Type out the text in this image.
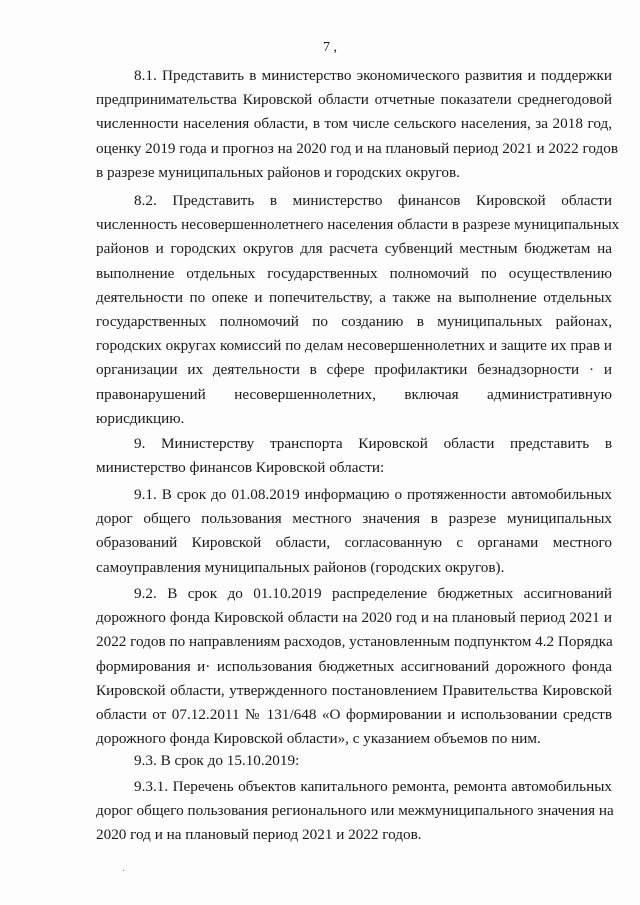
7 ,
8.1. Представить в министерство экономического развития и поддержки
предпринимательства Кировской области отчетные показатели среднегодовой
численности населения области, в том числе сельского населения, за 2018 год,
оценку 2019 года и прогноз на 2020 год и на плановый период 2021 и 2022 годов
в разрезе муниципальных районов и городских округов.
8.2. Представить в министерство финансов Кировской области
численность несовершеннолетнего населения области в разрезе муниципальных
районов и городских округов для расчета субвенций местным бюджетам на
выполнение отдельных государственных полномочий по осуществлению
деятельности по опеке и попечительству, а также на выполнение отдельных
государственных полномочий по созданию в муниципальных районах,
городских округах комиссий по делам несовершеннолетних и защите их прав и
организации их деятельности в сфере профилактики безнадзорности · и
правонарушений несовершеннолетних, включая административную
юрисдикцию.
9. Министерству транспорта Кировской области представить в
министерство финансов Кировской области:
9.1. В срок до 01.08.2019 информацию о протяженности автомобильных
дорог общего пользования местного значения в разрезе муниципальных
образований Кировской области, согласованную с органами местного
самоуправления муниципальных районов (городских округов).
9.2. В срок до 01.10.2019 распределение бюджетных ассигнований
дорожного фонда Кировской области на 2020 год и на плановый период 2021 и
2022 годов по направлениям расходов, установленным подпунктом 4.2 Порядка
формирования и· использования бюджетных ассигнований дорожного фонда
Кировской области, утвержденного постановлением Правительства Кировской
области от 07.12.2011 № 131/648 «О формировании и использовании средств
дорожного фонда Кировской области», с указанием объемов по ним.
9.3. В срок до 15.10.2019:
9.3.1. Перечень объектов капитального ремонта, ремонта автомобильных
дорог общего пользования регионального или межмуниципального значения на
2020 год и на плановый период 2021 и 2022 годов.
·
